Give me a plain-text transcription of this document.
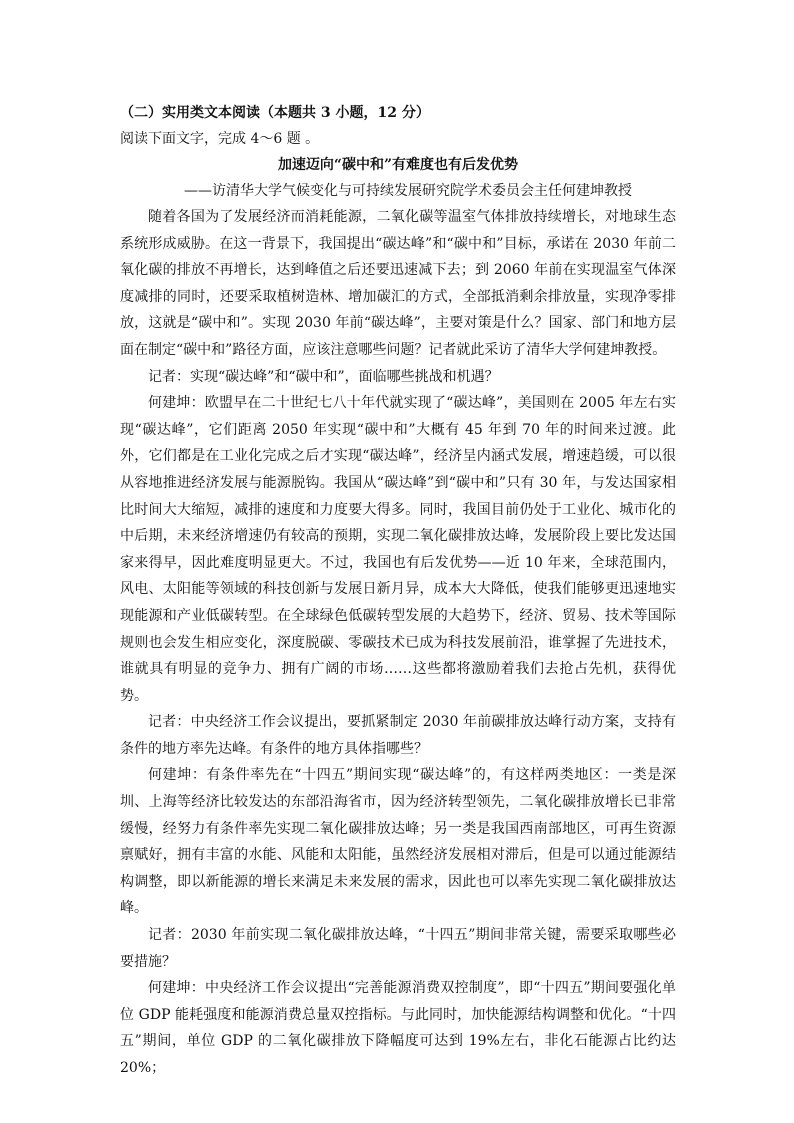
（二）实用类文本阅读（本题共 3 小题，12 分）
阅读下面文字，完成 4～6 题 。
加速迈向“碳中和”有难度也有后发优势
——访清华大学气候变化与可持续发展研究院学术委员会主任何建坤教授

随着各国为了发展经济而消耗能源，二氧化碳等温室气体排放持续增长，对地球生态系统形成威胁。在这一背景下，我国提出“碳达峰”和“碳中和”目标，承诺在 2030 年前二氧化碳的排放不再增长，达到峰值之后还要迅速减下去；到 2060 年前在实现温室气体深度减排的同时，还要采取植树造林、增加碳汇的方式，全部抵消剩余排放量，实现净零排放，这就是“碳中和”。实现 2030 年前“碳达峰”，主要对策是什么？国家、部门和地方层面在制定“碳中和”路径方面，应该注意哪些问题？记者就此采访了清华大学何建坤教授。

记者：实现“碳达峰”和“碳中和”，面临哪些挑战和机遇？

何建坤：欧盟早在二十世纪七八十年代就实现了“碳达峰”，美国则在 2005 年左右实现“碳达峰”，它们距离 2050 年实现“碳中和”大概有 45 年到 70 年的时间来过渡。此外，它们都是在工业化完成之后才实现“碳达峰”，经济呈内涵式发展，增速趋缓，可以很从容地推进经济发展与能源脱钩。我国从“碳达峰”到“碳中和”只有 30 年，与发达国家相比时间大大缩短，减排的速度和力度要大得多。同时，我国目前仍处于工业化、城市化的中后期，未来经济增速仍有较高的预期，实现二氧化碳排放达峰，发展阶段上要比发达国家来得早，因此难度明显更大。不过，我国也有后发优势——近 10 年来，全球范围内，风电、太阳能等领域的科技创新与发展日新月异，成本大大降低，使我们能够更迅速地实现能源和产业低碳转型。在全球绿色低碳转型发展的大趋势下，经济、贸易、技术等国际规则也会发生相应变化，深度脱碳、零碳技术已成为科技发展前沿，谁掌握了先进技术，谁就具有明显的竞争力、拥有广阔的市场……这些都将激励着我们去抢占先机，获得优势。

记者：中央经济工作会议提出，要抓紧制定 2030 年前碳排放达峰行动方案，支持有条件的地方率先达峰。有条件的地方具体指哪些？

何建坤：有条件率先在“十四五”期间实现“碳达峰”的，有这样两类地区：一类是深圳、上海等经济比较发达的东部沿海省市，因为经济转型领先，二氧化碳排放增长已非常缓慢，经努力有条件率先实现二氧化碳排放达峰；另一类是我国西南部地区，可再生资源禀赋好，拥有丰富的水能、风能和太阳能，虽然经济发展相对滞后，但是可以通过能源结构调整，即以新能源的增长来满足未来发展的需求，因此也可以率先实现二氧化碳排放达峰。

记者：2030 年前实现二氧化碳排放达峰，“十四五”期间非常关键，需要采取哪些必要措施？

何建坤：中央经济工作会议提出“完善能源消费双控制度”，即“十四五”期间要强化单位 GDP 能耗强度和能源消费总量双控指标。与此同时，加快能源结构调整和优化。“十四五”期间，单位 GDP 的二氧化碳排放下降幅度可达到 19%左右，非化石能源占比约达 20%；
